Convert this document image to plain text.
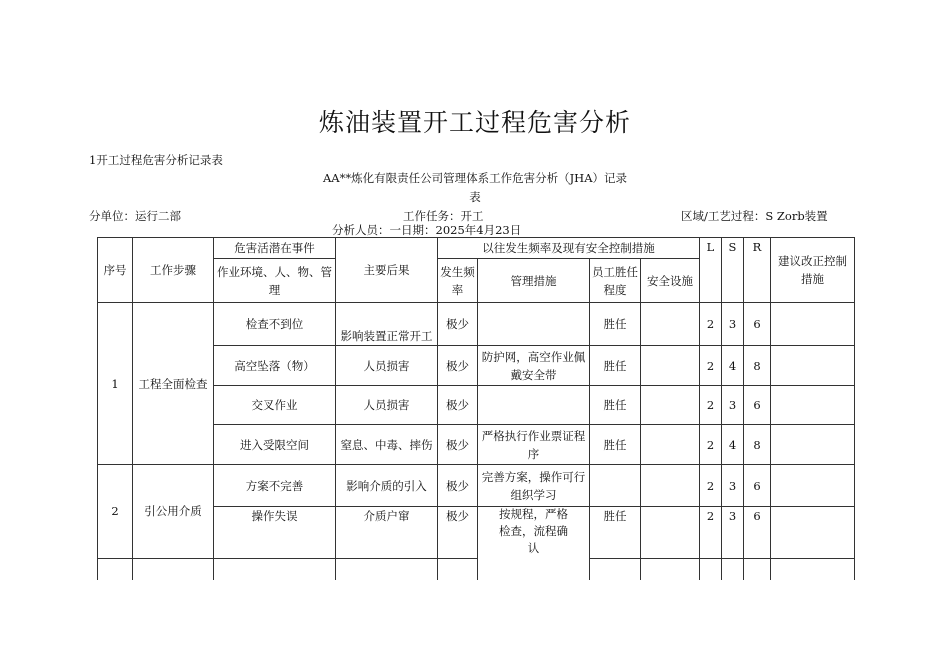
炼油装置开工过程危害分析
1开工过程危害分析记录表
AA**炼化有限责任公司管理体系工作危害分析（JHA）记录
表
分单位：运行二部	工作任务：开工	区域/工艺过程：S Zorb装置
分析人员：一日期：2025年4月23日
序号	工作步骤	危害活潜在事件	主要后果	以往发生频率及现有安全控制措施				L	S	R	建议改正控制措施
		作业环境、人、物、管理		发生频率	管理措施	员工胜任程度	安全设施				
1	工程全面检查	检查不到位	影响装置正常开工	极少		胜任		2	3	6	
		高空坠落（物）	人员损害	极少	防护网，高空作业佩戴安全带	胜任		2	4	8	
		交叉作业	人员损害	极少		胜任		2	3	6	
		进入受限空间	窒息、中毒、摔伤	极少	严格执行作业票证程序	胜任		2	4	8	
2	引公用介质	方案不完善	影响介质的引入	极少	完善方案，操作可行组织学习			2	3	6	
		操作失误	介质户窜	极少	按规程，严格检查，流程确认	胜任		2	3	6	
